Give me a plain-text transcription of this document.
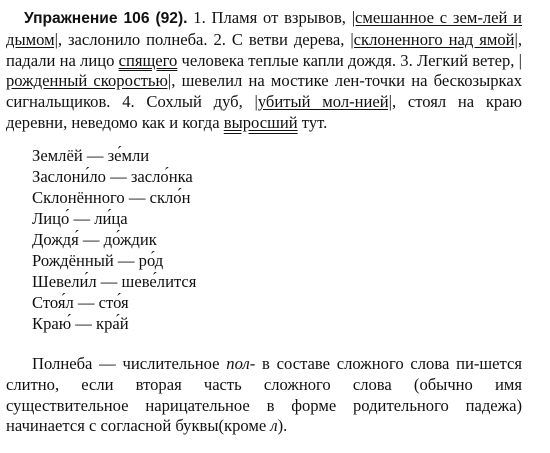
Упражнение 106 (92). 1. Пламя от взрывов, |смешанное с зем-лей и дымом|, заслонило полнеба. 2. С ветви дерева, |склоненного над ямой|, падали на лицо спящего человека теплые капли дождя. 3. Легкий ветер, |рожденный скоростью|, шевелил на мостике лен-точки на бескозырках сигнальщиков. 4. Сохлый дуб, |убитый мол-нией|, стоял на краю деревни, неведомо как и когда выросший тут.

Землёй — зе́мли
Заслони́ло — засло́нка
Склонённого — скло́н
Лицо́ — ли́ца
Дождя́ — до́ждик
Рождённый — ро́д
Шевели́л — шеве́лится
Стоя́л — сто́я
Краю́ — кра́й

Полнеба — числительное пол- в составе сложного слова пи-шется слитно, если вторая часть сложного слова (обычно имя существительное нарицательное в форме родительного падежа) начинается с согласной буквы(кроме л).
